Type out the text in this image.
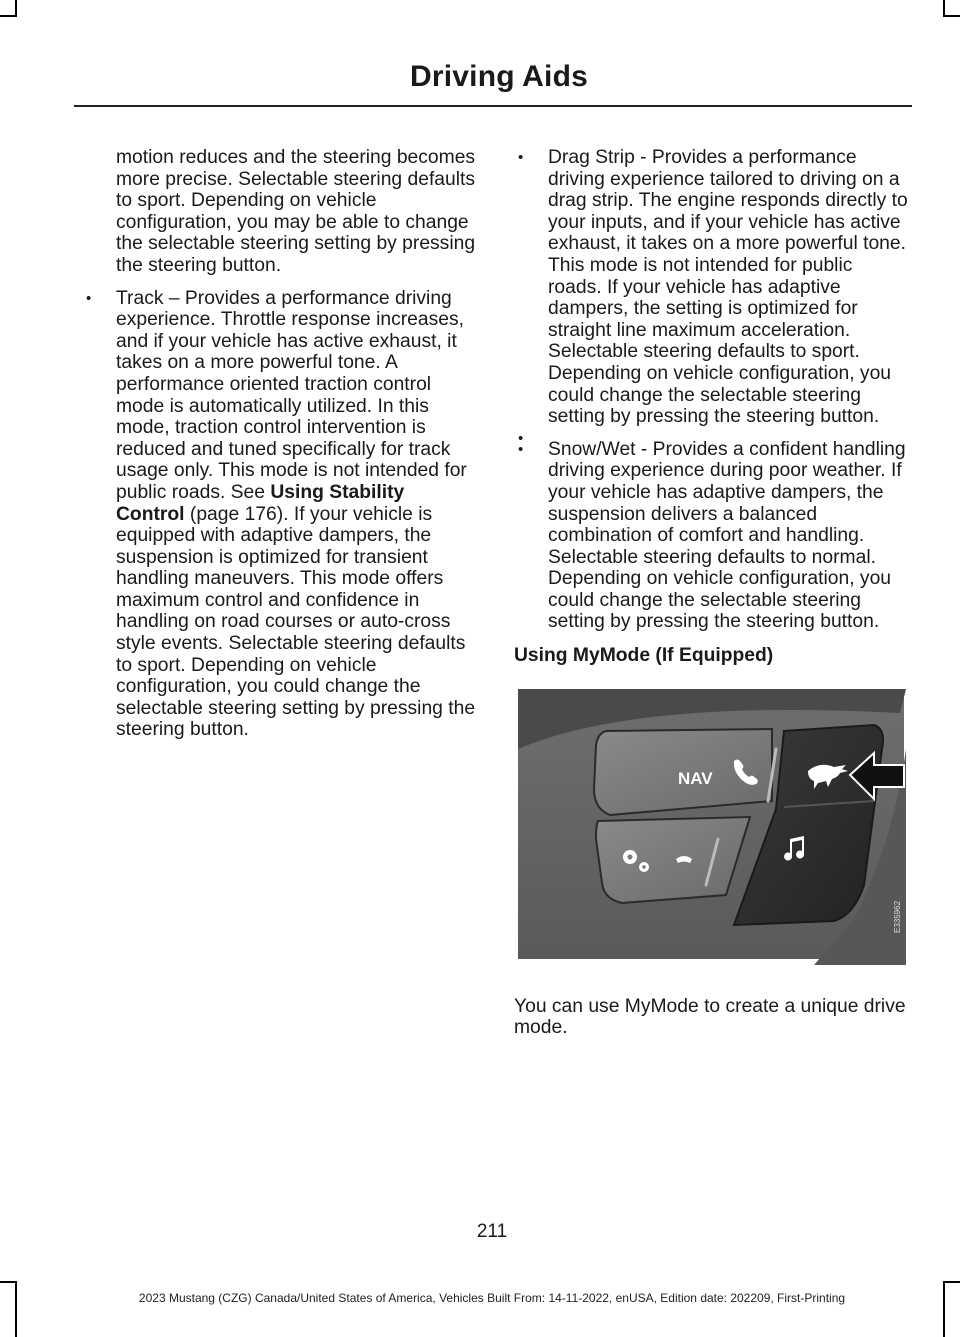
Driving Aids

motion reduces and the steering becomes more precise. Selectable steering defaults to sport. Depending on vehicle configuration, you may be able to change the selectable steering setting by pressing the steering button.

• Track – Provides a performance driving experience. Throttle response increases, and if your vehicle has active exhaust, it takes on a more powerful tone. A performance oriented traction control mode is automatically utilized. In this mode, traction control intervention is reduced and tuned specifically for track usage only. This mode is not intended for public roads. See Using Stability Control (page 176). If your vehicle is equipped with adaptive dampers, the suspension is optimized for transient handling maneuvers. This mode offers maximum control and confidence in handling on road courses or auto-cross style events. Selectable steering defaults to sport. Depending on vehicle configuration, you could change the selectable steering setting by pressing the steering button.
• Drag Strip - Provides a performance driving experience tailored to driving on a drag strip. The engine responds directly to your inputs, and if your vehicle has active exhaust, it takes on a more powerful tone. This mode is not intended for public roads. If your vehicle has adaptive dampers, the setting is optimized for straight line maximum acceleration. Selectable steering defaults to sport. Depending on vehicle configuration, you could change the selectable steering setting by pressing the steering button.
•
• Snow/Wet - Provides a confident handling driving experience during poor weather. If your vehicle has adaptive dampers, the suspension delivers a balanced combination of comfort and handling. Selectable steering defaults to normal. Depending on vehicle configuration, you could change the selectable steering setting by pressing the steering button.

Using MyMode (If Equipped)

NAV
E335962

You can use MyMode to create a unique drive mode.

211
2023 Mustang (CZG) Canada/United States of America, Vehicles Built From: 14-11-2022, enUSA, Edition date: 202209, First-Printing
